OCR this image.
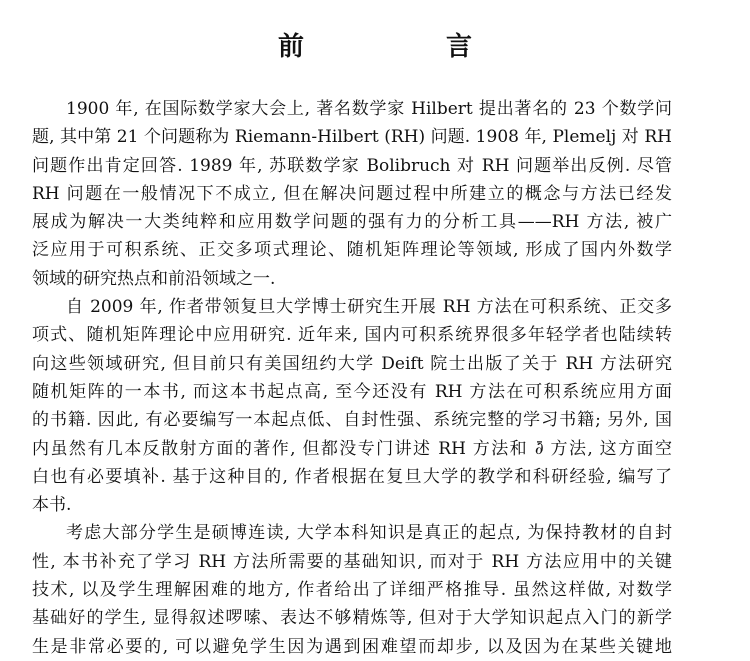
前　言
1900 年, 在国际数学家大会上, 著名数学家 Hilbert 提出著名的 23 个数学问
题, 其中第 21 个问题称为 Riemann-Hilbert (RH) 问题. 1908 年, Plemelj 对 RH
问题作出肯定回答. 1989 年, 苏联数学家 Bolibruch 对 RH 问题举出反例. 尽管
RH 问题在一般情况下不成立, 但在解决问题过程中所建立的概念与方法已经发
展成为解决一大类纯粹和应用数学问题的强有力的分析工具——RH 方法, 被广
泛应用于可积系统、正交多项式理论、随机矩阵理论等领域, 形成了国内外数学
领域的研究热点和前沿领域之一.
自 2009 年, 作者带领复旦大学博士研究生开展 RH 方法在可积系统、正交多
项式、随机矩阵理论中应用研究. 近年来, 国内可积系统界很多年轻学者也陆续转
向这些领域研究, 但目前只有美国纽约大学 Deift 院士出版了关于 RH 方法研究
随机矩阵的一本书, 而这本书起点高, 至今还没有 RH 方法在可积系统应用方面
的书籍. 因此, 有必要编写一本起点低、自封性强、系统完整的学习书籍; 另外, 国
内虽然有几本反散射方面的著作, 但都没专门讲述 RH 方法和 ∂̄ 方法, 这方面空
白也有必要填补. 基于这种目的, 作者根据在复旦大学的教学和科研经验, 编写了
本书.
考虑大部分学生是硕博连读, 大学本科知识是真正的起点, 为保持教材的自封
性, 本书补充了学习 RH 方法所需要的基础知识, 而对于 RH 方法应用中的关键
技术, 以及学生理解困难的地方, 作者给出了详细严格推导. 虽然这样做, 对数学
基础好的学生, 显得叙述啰嗦、表达不够精炼等, 但对于大学知识起点入门的新学
生是非常必要的, 可以避免学生因为遇到困难望而却步, 以及因为在某些关键地
